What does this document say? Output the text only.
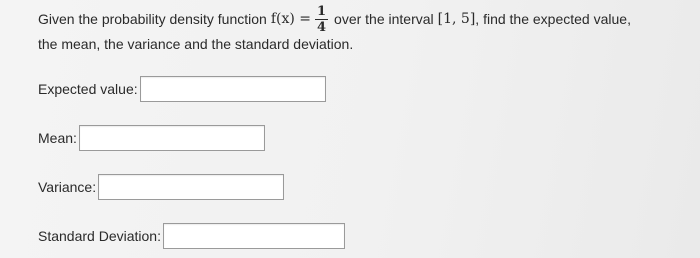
Given the probability density function $f(x) = \frac{1}{4}$ over the interval [1, 5] , find the expected value,
the mean, the variance and the standard deviation.
Expected value:
Mean:
Variance:
Standard Deviation:
